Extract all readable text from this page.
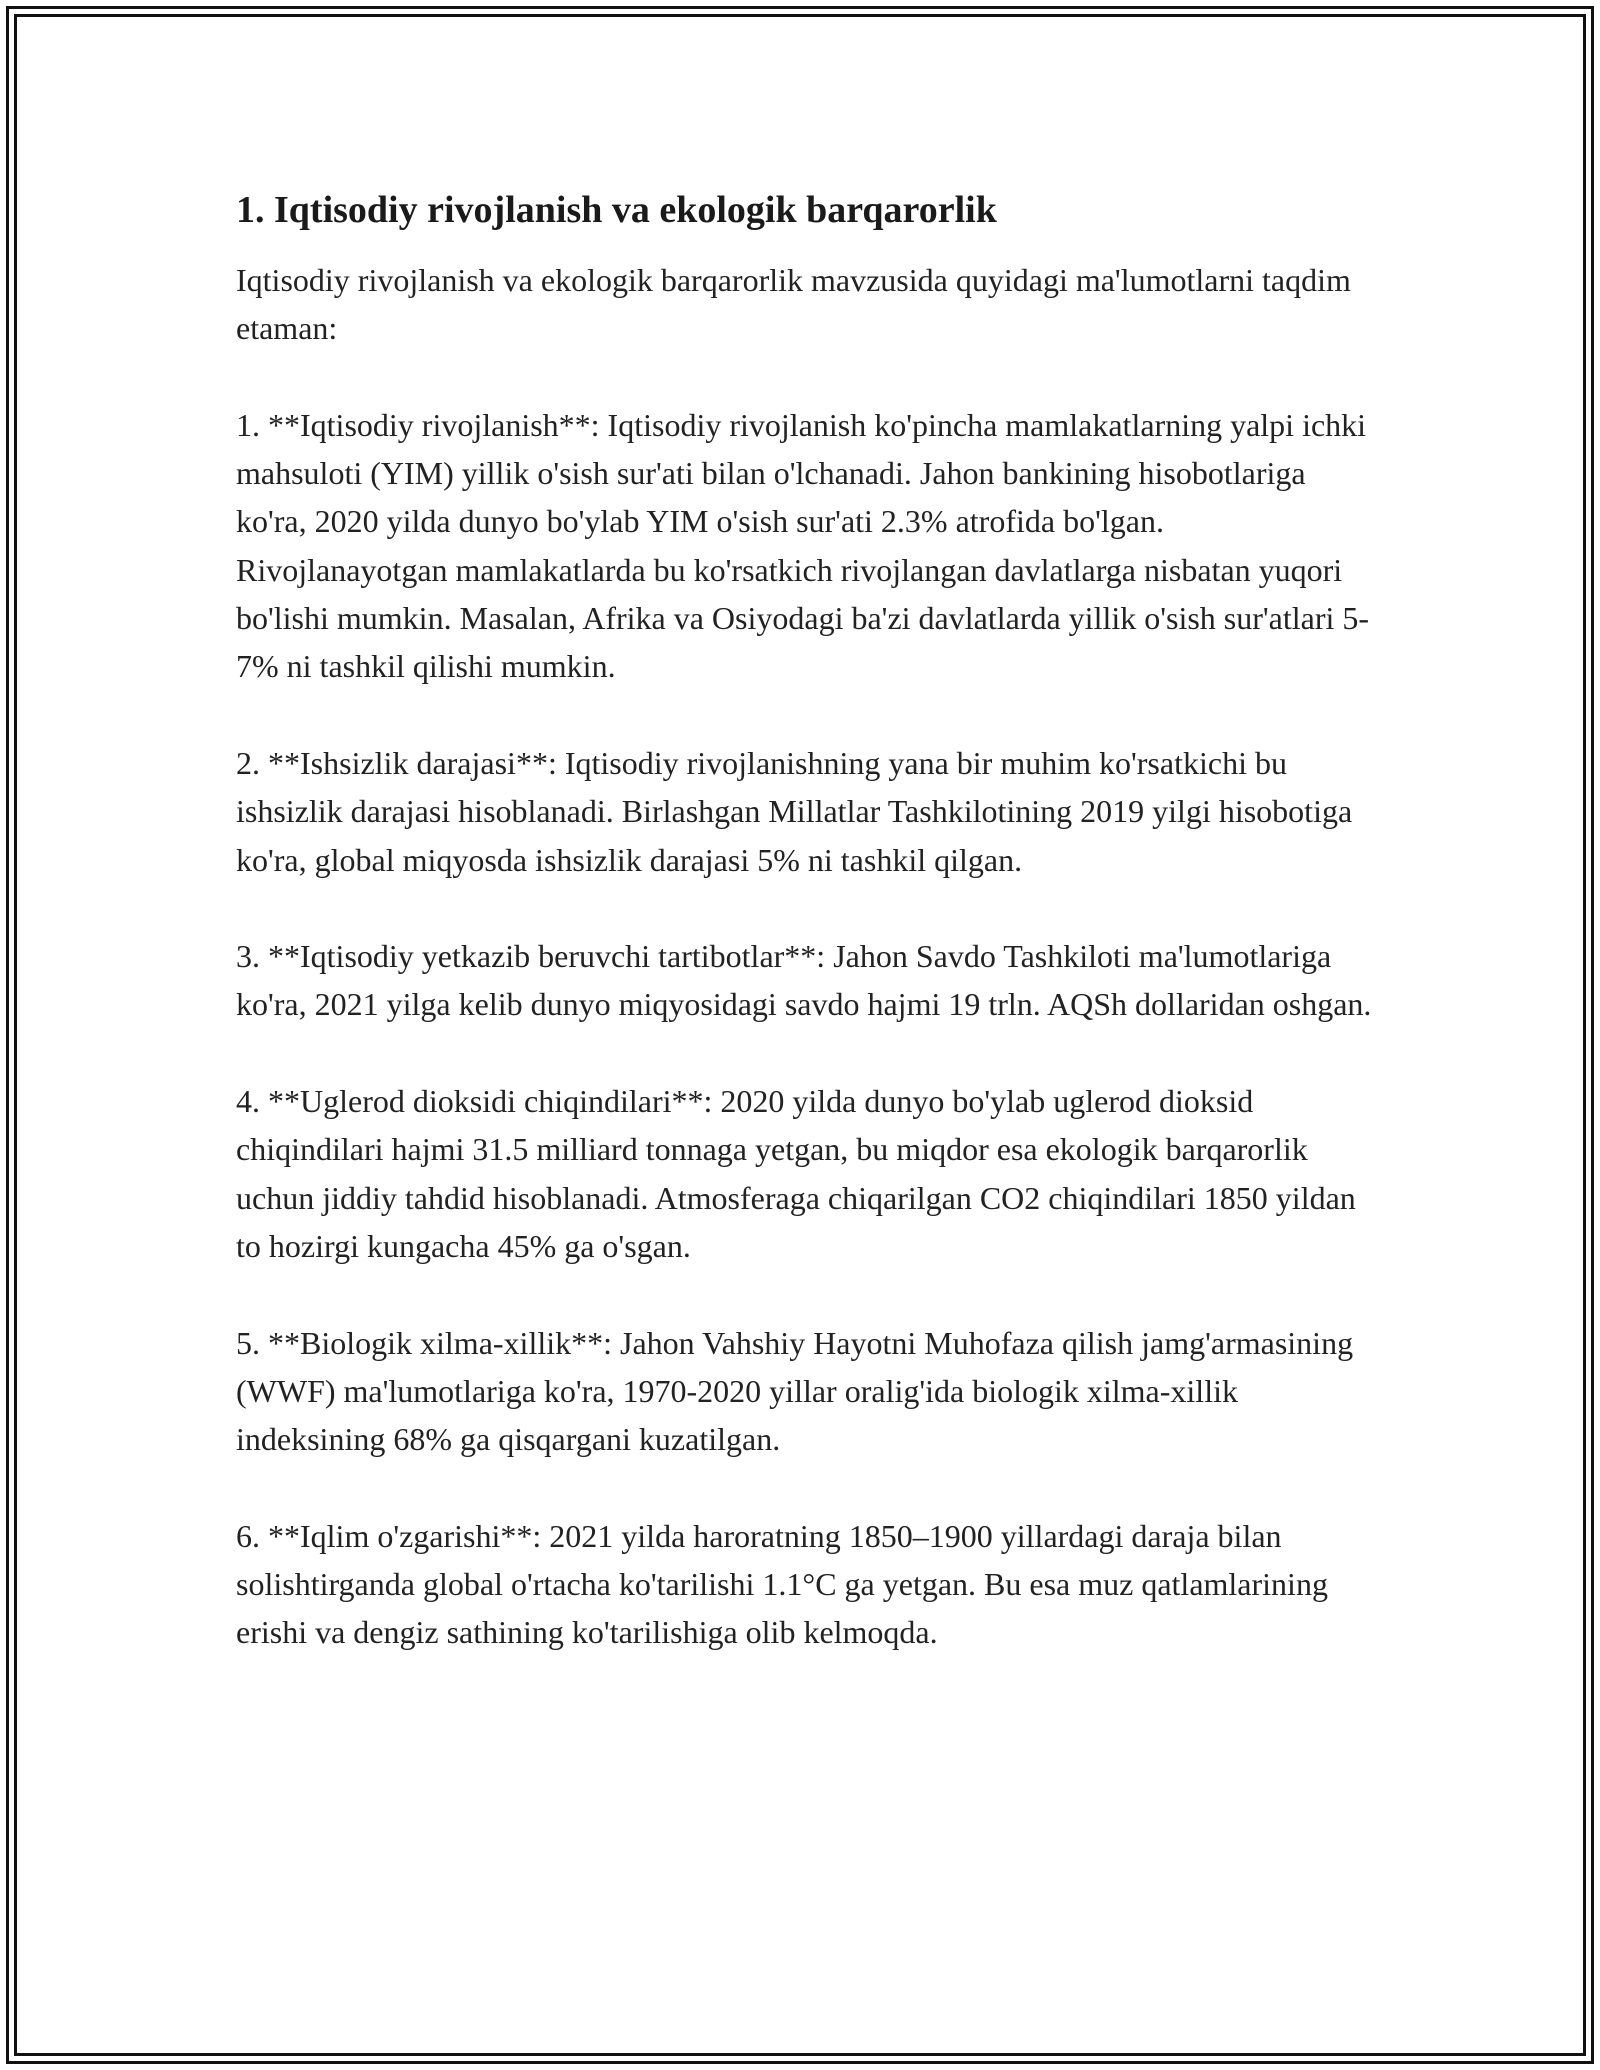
1. Iqtisodiy rivojlanish va ekologik barqarorlik

Iqtisodiy rivojlanish va ekologik barqarorlik mavzusida quyidagi ma'lumotlarni taqdim etaman:

1. **Iqtisodiy rivojlanish**: Iqtisodiy rivojlanish ko'pincha mamlakatlarning yalpi ichki mahsuloti (YIM) yillik o'sish sur'ati bilan o'lchanadi. Jahon bankining hisobotlariga ko'ra, 2020 yilda dunyo bo'ylab YIM o'sish sur'ati 2.3% atrofida bo'lgan. Rivojlanayotgan mamlakatlarda bu ko'rsatkich rivojlangan davlatlarga nisbatan yuqori bo'lishi mumkin. Masalan, Afrika va Osiyodagi ba'zi davlatlarda yillik o'sish sur'atlari 5-7% ni tashkil qilishi mumkin.

2. **Ishsizlik darajasi**: Iqtisodiy rivojlanishning yana bir muhim ko'rsatkichi bu ishsizlik darajasi hisoblanadi. Birlashgan Millatlar Tashkilotining 2019 yilgi hisobotiga ko'ra, global miqyosda ishsizlik darajasi 5% ni tashkil qilgan.

3. **Iqtisodiy yetkazib beruvchi tartibotlar**: Jahon Savdo Tashkiloti ma'lumotlariga ko'ra, 2021 yilga kelib dunyo miqyosidagi savdo hajmi 19 trln. AQSh dollaridan oshgan.

4. **Uglerod dioksidi chiqindilari**: 2020 yilda dunyo bo'ylab uglerod dioksid chiqindilari hajmi 31.5 milliard tonnaga yetgan, bu miqdor esa ekologik barqarorlik uchun jiddiy tahdid hisoblanadi. Atmosferaga chiqarilgan CO2 chiqindilari 1850 yildan to hozirgi kungacha 45% ga o'sgan.

5. **Biologik xilma-xillik**: Jahon Vahshiy Hayotni Muhofaza qilish jamg'armasining (WWF) ma'lumotlariga ko'ra, 1970-2020 yillar oralig'ida biologik xilma-xillik indeksining 68% ga qisqargani kuzatilgan.

6. **Iqlim o'zgarishi**: 2021 yilda haroratning 1850–1900 yillardagi daraja bilan solishtirganda global o'rtacha ko'tarilishi 1.1°C ga yetgan. Bu esa muz qatlamlarining erishi va dengiz sathining ko'tarilishiga olib kelmoqda.
